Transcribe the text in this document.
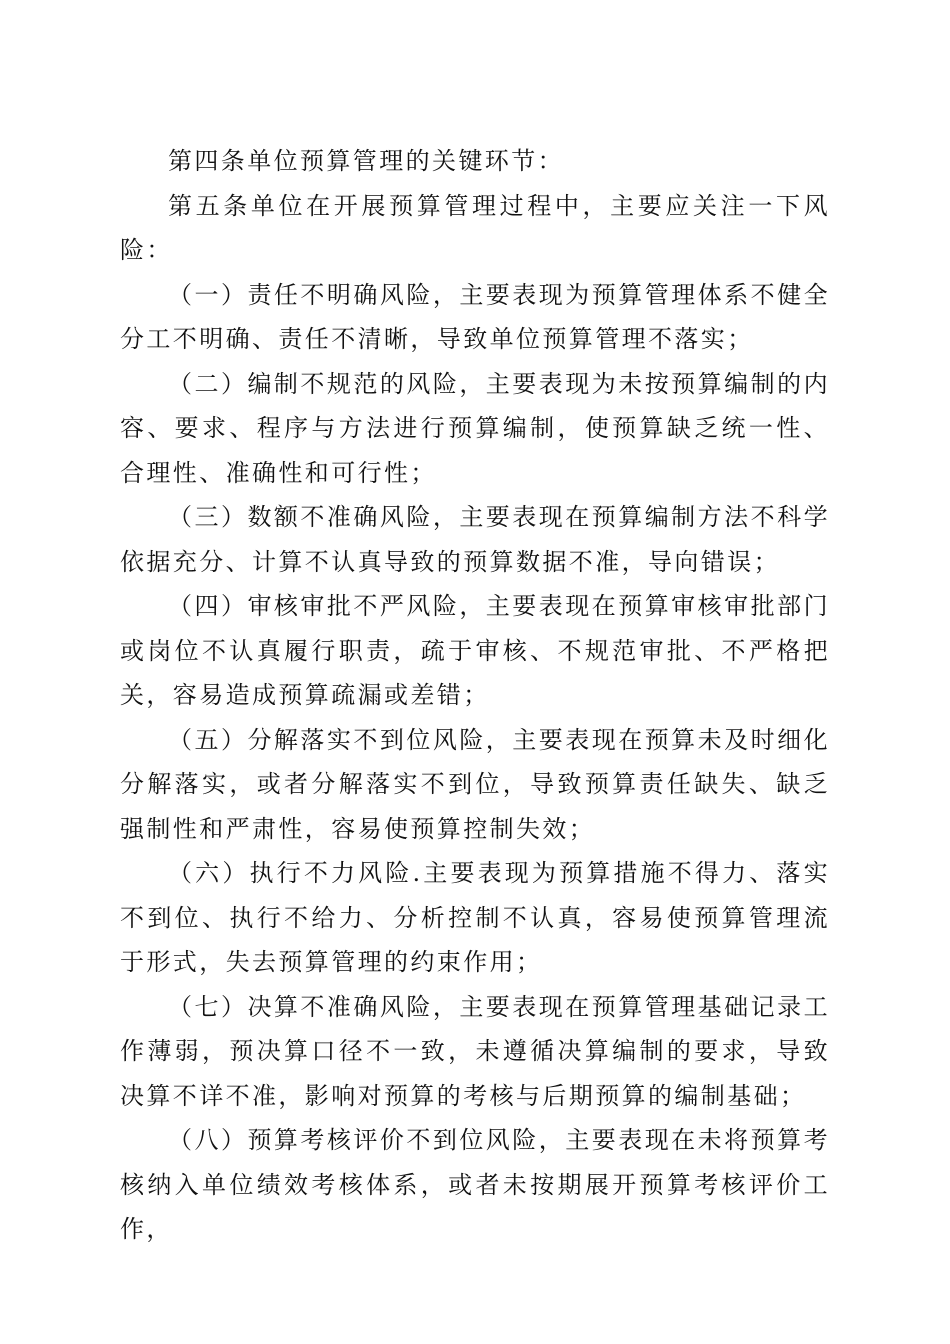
第四条单位预算管理的关键环节：

第五条单位在开展预算管理过程中，主要应关注一下风险：

（一）责任不明确风险，主要表现为预算管理体系不健全分工不明确、责任不清晰，导致单位预算管理不落实；

（二）编制不规范的风险，主要表现为未按预算编制的内容、要求、程序与方法进行预算编制，使预算缺乏统一性、合理性、准确性和可行性；

（三）数额不准确风险，主要表现在预算编制方法不科学依据充分、计算不认真导致的预算数据不准，导向错误；

（四）审核审批不严风险，主要表现在预算审核审批部门或岗位不认真履行职责，疏于审核、不规范审批、不严格把关，容易造成预算疏漏或差错；

（五）分解落实不到位风险，主要表现在预算未及时细化分解落实，或者分解落实不到位，导致预算责任缺失、缺乏强制性和严肃性，容易使预算控制失效；

（六）执行不力风险.主要表现为预算措施不得力、落实不到位、执行不给力、分析控制不认真，容易使预算管理流于形式，失去预算管理的约束作用；

（七）决算不准确风险，主要表现在预算管理基础记录工作薄弱，预决算口径不一致，未遵循决算编制的要求，导致决算不详不准，影响对预算的考核与后期预算的编制基础；

（八）预算考核评价不到位风险，主要表现在未将预算考核纳入单位绩效考核体系，或者未按期展开预算考核评价工作，
